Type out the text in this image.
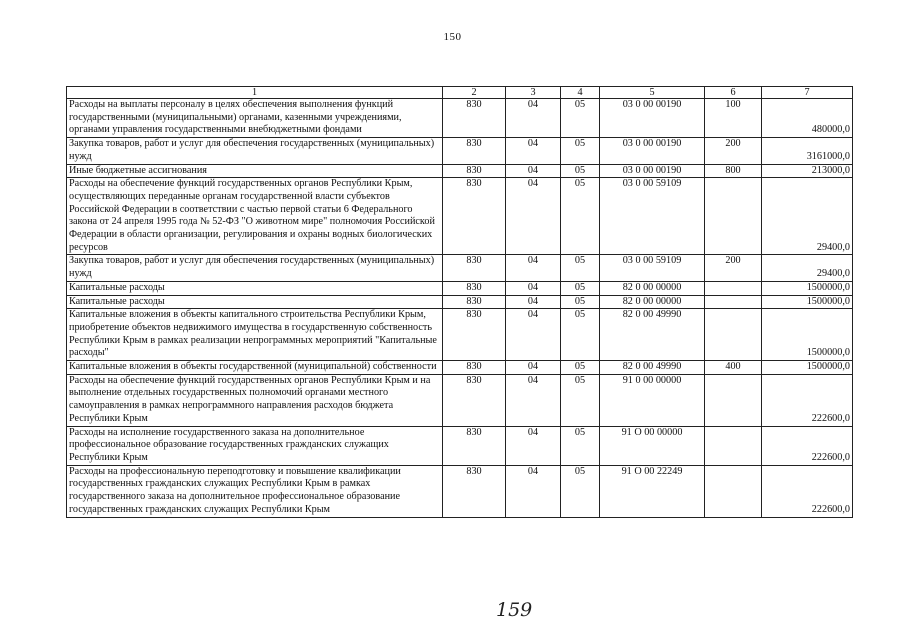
150
1	2	3	4	5	6	7
Расходы на выплаты персоналу в целях обеспечения выполнения функций государственными (муниципальными) органами, казенными учреждениями, органами управления государственными внебюджетными фондами	830	04	05	03 0 00 00190	100	480000,0
Закупка товаров, работ и услуг для обеспечения государственных (муниципальных) нужд	830	04	05	03 0 00 00190	200	3161000,0
Иные бюджетные ассигнования	830	04	05	03 0 00 00190	800	213000,0
Расходы на обеспечение функций государственных органов Республики Крым, осуществляющих переданные органам государственной власти субъектов Российской Федерации в соответствии с частью первой статьи 6 Федерального закона от 24 апреля 1995 года № 52-ФЗ "О животном мире" полномочия Российской Федерации в области организации, регулирования и охраны водных биологических ресурсов	830	04	05	03 0 00 59109		29400,0
Закупка товаров, работ и услуг для обеспечения государственных (муниципальных) нужд	830	04	05	03 0 00 59109	200	29400,0
Капитальные расходы	830	04	05	82 0 00 00000		1500000,0
Капитальные расходы	830	04	05	82 0 00 00000		1500000,0
Капитальные вложения в объекты капитального строительства Республики Крым, приобретение объектов недвижимого имущества в государственную собственность Республики Крым в рамках реализации непрограммных мероприятий "Капитальные расходы"	830	04	05	82 0 00 49990		1500000,0
Капитальные вложения в объекты государственной (муниципальной) собственности	830	04	05	82 0 00 49990	400	1500000,0
Расходы на обеспечение функций государственных органов Республики Крым и на выполнение отдельных государственных полномочий органами местного самоуправления в рамках непрограммного направления расходов бюджета Республики Крым	830	04	05	91 0 00 00000		222600,0
Расходы на исполнение государственного заказа на дополнительное профессиональное образование государственных гражданских служащих Республики Крым	830	04	05	91 О 00 00000		222600,0
Расходы на профессиональную переподготовку и повышение квалификации государственных гражданских служащих Республики Крым в рамках государственного заказа на дополнительное профессиональное образование государственных гражданских служащих Республики Крым	830	04	05	91 О 00 22249		222600,0
159
